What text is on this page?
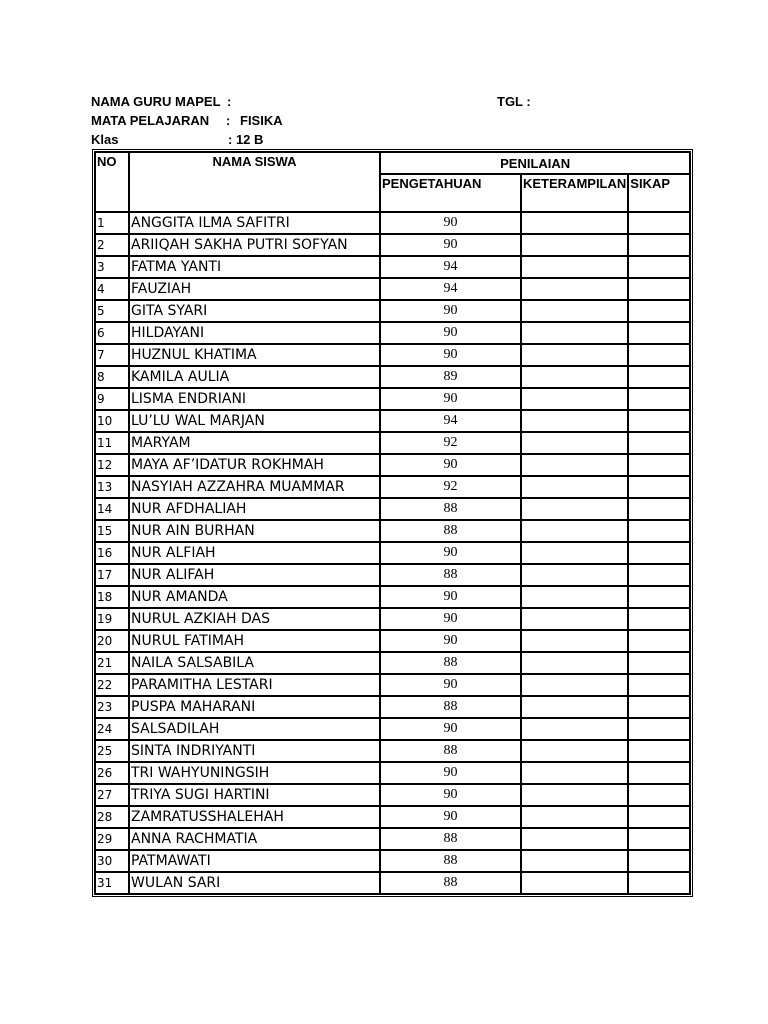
NAMA GURU MAPEL :	TGL :
MATA PELAJARAN : FISIKA
Klas	: 12 B
NO	NAMA SISWA	PENILAIAN		
		PENGETAHUAN	KETERAMPILAN	SIKAP
1	ANGGITA ILMA SAFITRI	90		
2	ARIIQAH SAKHA PUTRI SOFYAN	90		
3	FATMA YANTI	94		
4	FAUZIAH	94		
5	GITA SYARI	90		
6	HILDAYANI	90		
7	HUZNUL KHATIMA	90		
8	KAMILA AULIA	89		
9	LISMA ENDRIANI	90		
10	LU’LU WAL MARJAN	94		
11	MARYAM	92		
12	MAYA AF’IDATUR ROKHMAH	90		
13	NASYIAH AZZAHRA MUAMMAR	92		
14	NUR AFDHALIAH	88		
15	NUR AIN BURHAN	88		
16	NUR ALFIAH	90		
17	NUR ALIFAH	88		
18	NUR AMANDA	90		
19	NURUL AZKIAH DAS	90		
20	NURUL FATIMAH	90		
21	NAILA SALSABILA	88		
22	PARAMITHA LESTARI	90		
23	PUSPA MAHARANI	88		
24	SALSADILAH	90		
25	SINTA INDRIYANTI	88		
26	TRI WAHYUNINGSIH	90		
27	TRIYA SUGI HARTINI	90		
28	ZAMRATUSSHALEHAH	90		
29	ANNA RACHMATIA	88		
30	PATMAWATI	88		
31	WULAN SARI	88		
